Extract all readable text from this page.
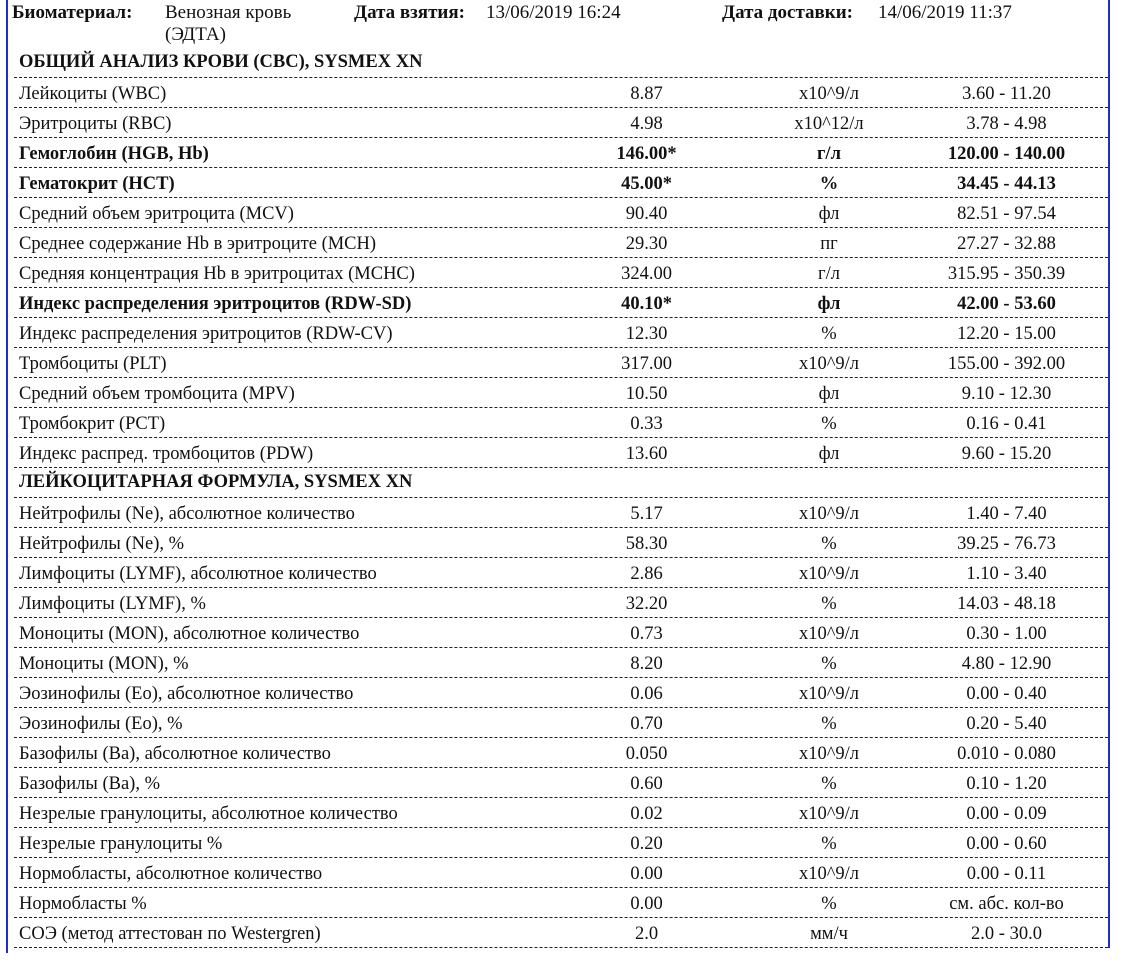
Биоматериал: Венозная кровь
(ЭДТА)
Дата взятия: 13/06/2019 16:24	Дата доставки: 14/06/2019 11:37
ОБЩИЙ АНАЛИЗ КРОВИ (CBC), SYSMEX XN
Лейкоциты (WBC)	8.87	x10^9/л	3.60 - 11.20
Эритроциты (RBC)	4.98	x10^12/л	3.78 - 4.98
Гемоглобин (HGB, Hb)	146.00*	г/л	120.00 - 140.00
Гематокрит (HCT)	45.00*	%	34.45 - 44.13
Средний объем эритроцита (MCV)	90.40	фл	82.51 - 97.54
Среднее содержание Hb в эритроците (MCH)	29.30	пг	27.27 - 32.88
Средняя концентрация Hb в эритроцитах (MCHC)	324.00	г/л	315.95 - 350.39
Индекс распределения эритроцитов (RDW-SD)	40.10*	фл	42.00 - 53.60
Индекс распределения эритроцитов (RDW-CV)	12.30	%	12.20 - 15.00
Тромбоциты (PLT)	317.00	x10^9/л	155.00 - 392.00
Средний объем тромбоцита (MPV)	10.50	фл	9.10 - 12.30
Тромбокрит (PCT)	0.33	%	0.16 - 0.41
Индекс распред. тромбоцитов (PDW)	13.60	фл	9.60 - 15.20
ЛЕЙКОЦИТАРНАЯ ФОРМУЛА, SYSMEX XN
Нейтрофилы (Ne), абсолютное количество	5.17	x10^9/л	1.40 - 7.40
Нейтрофилы (Ne), %	58.30	%	39.25 - 76.73
Лимфоциты (LYMF), абсолютное количество	2.86	x10^9/л	1.10 - 3.40
Лимфоциты (LYMF), %	32.20	%	14.03 - 48.18
Моноциты (MON), абсолютное количество	0.73	x10^9/л	0.30 - 1.00
Моноциты (MON), %	8.20	%	4.80 - 12.90
Эозинофилы (Eo), абсолютное количество	0.06	x10^9/л	0.00 - 0.40
Эозинофилы (Eo), %	0.70	%	0.20 - 5.40
Базофилы (Ba), абсолютное количество	0.050	x10^9/л	0.010 - 0.080
Базофилы (Ba), %	0.60	%	0.10 - 1.20
Незрелые гранулоциты, абсолютное количество	0.02	x10^9/л	0.00 - 0.09
Незрелые гранулоциты %	0.20	%	0.00 - 0.60
Нормобласты, абсолютное количество	0.00	x10^9/л	0.00 - 0.11
Нормобласты %	0.00	%	см. абс. кол-во
СОЭ (метод аттестован по Westergren)	2.0	мм/ч	2.0 - 30.0
